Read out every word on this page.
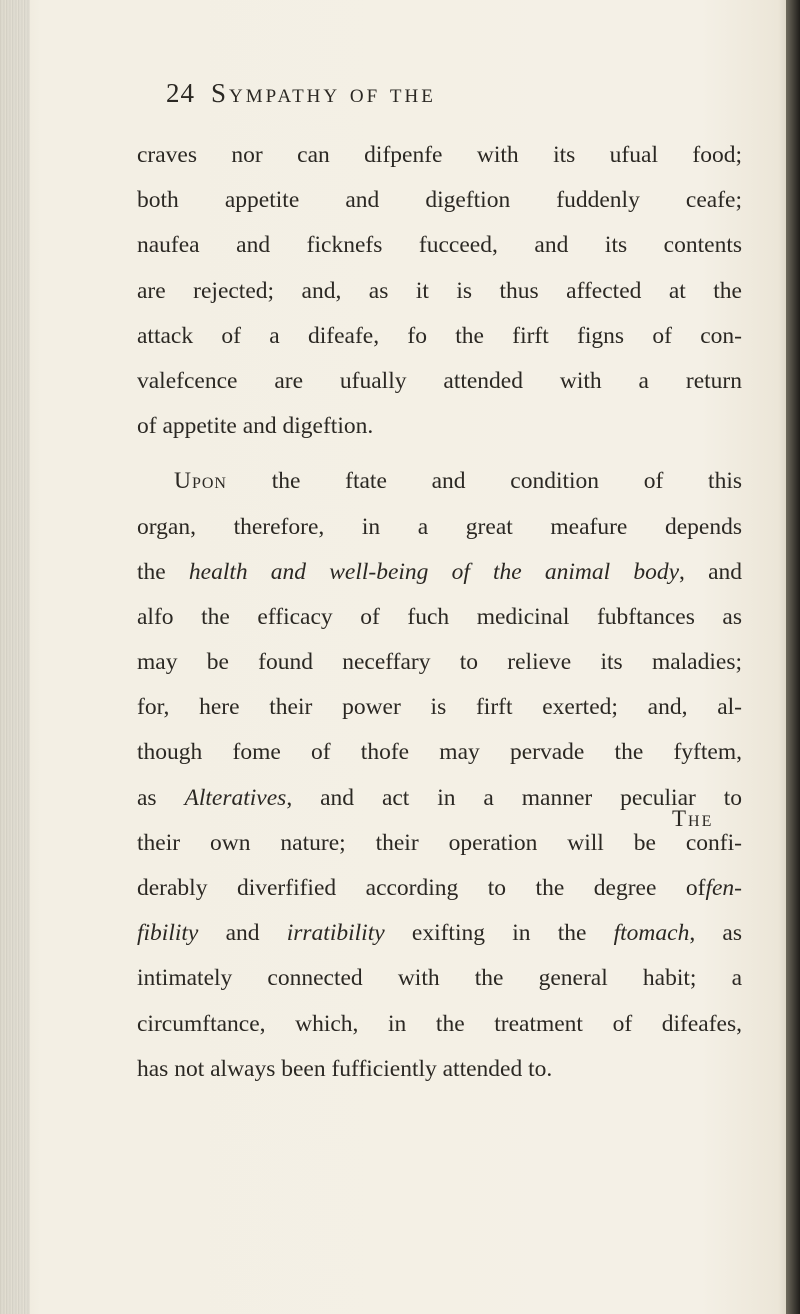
24 Sympathy of the
craves nor can difpenfe with its ufual food;
both appetite and digeftion fuddenly ceafe;
naufea and ficknefs fucceed, and its contents
are rejected; and, as it is thus affected at the
attack of a difeafe, fo the firft figns of con-
valefcence are ufually attended with a return
of appetite and digeftion.
Upon the ftate and condition of this
organ, therefore, in a great meafure depends
the health and well-being of the animal body, and
alfo the efficacy of fuch medicinal fubftances as
may be found neceffary to relieve its maladies;
for, here their power is firft exerted; and, al-
though fome of thofe may pervade the fyftem,
as Alteratives, and act in a manner peculiar to
their own nature; their operation will be confi-
derably diverfified according to the degree offen-
fibility and irratibility exifting in the ftomach, as
intimately connected with the general habit; a
circumftance, which, in the treatment of difeafes,
has not always been fufficiently attended to.
The
